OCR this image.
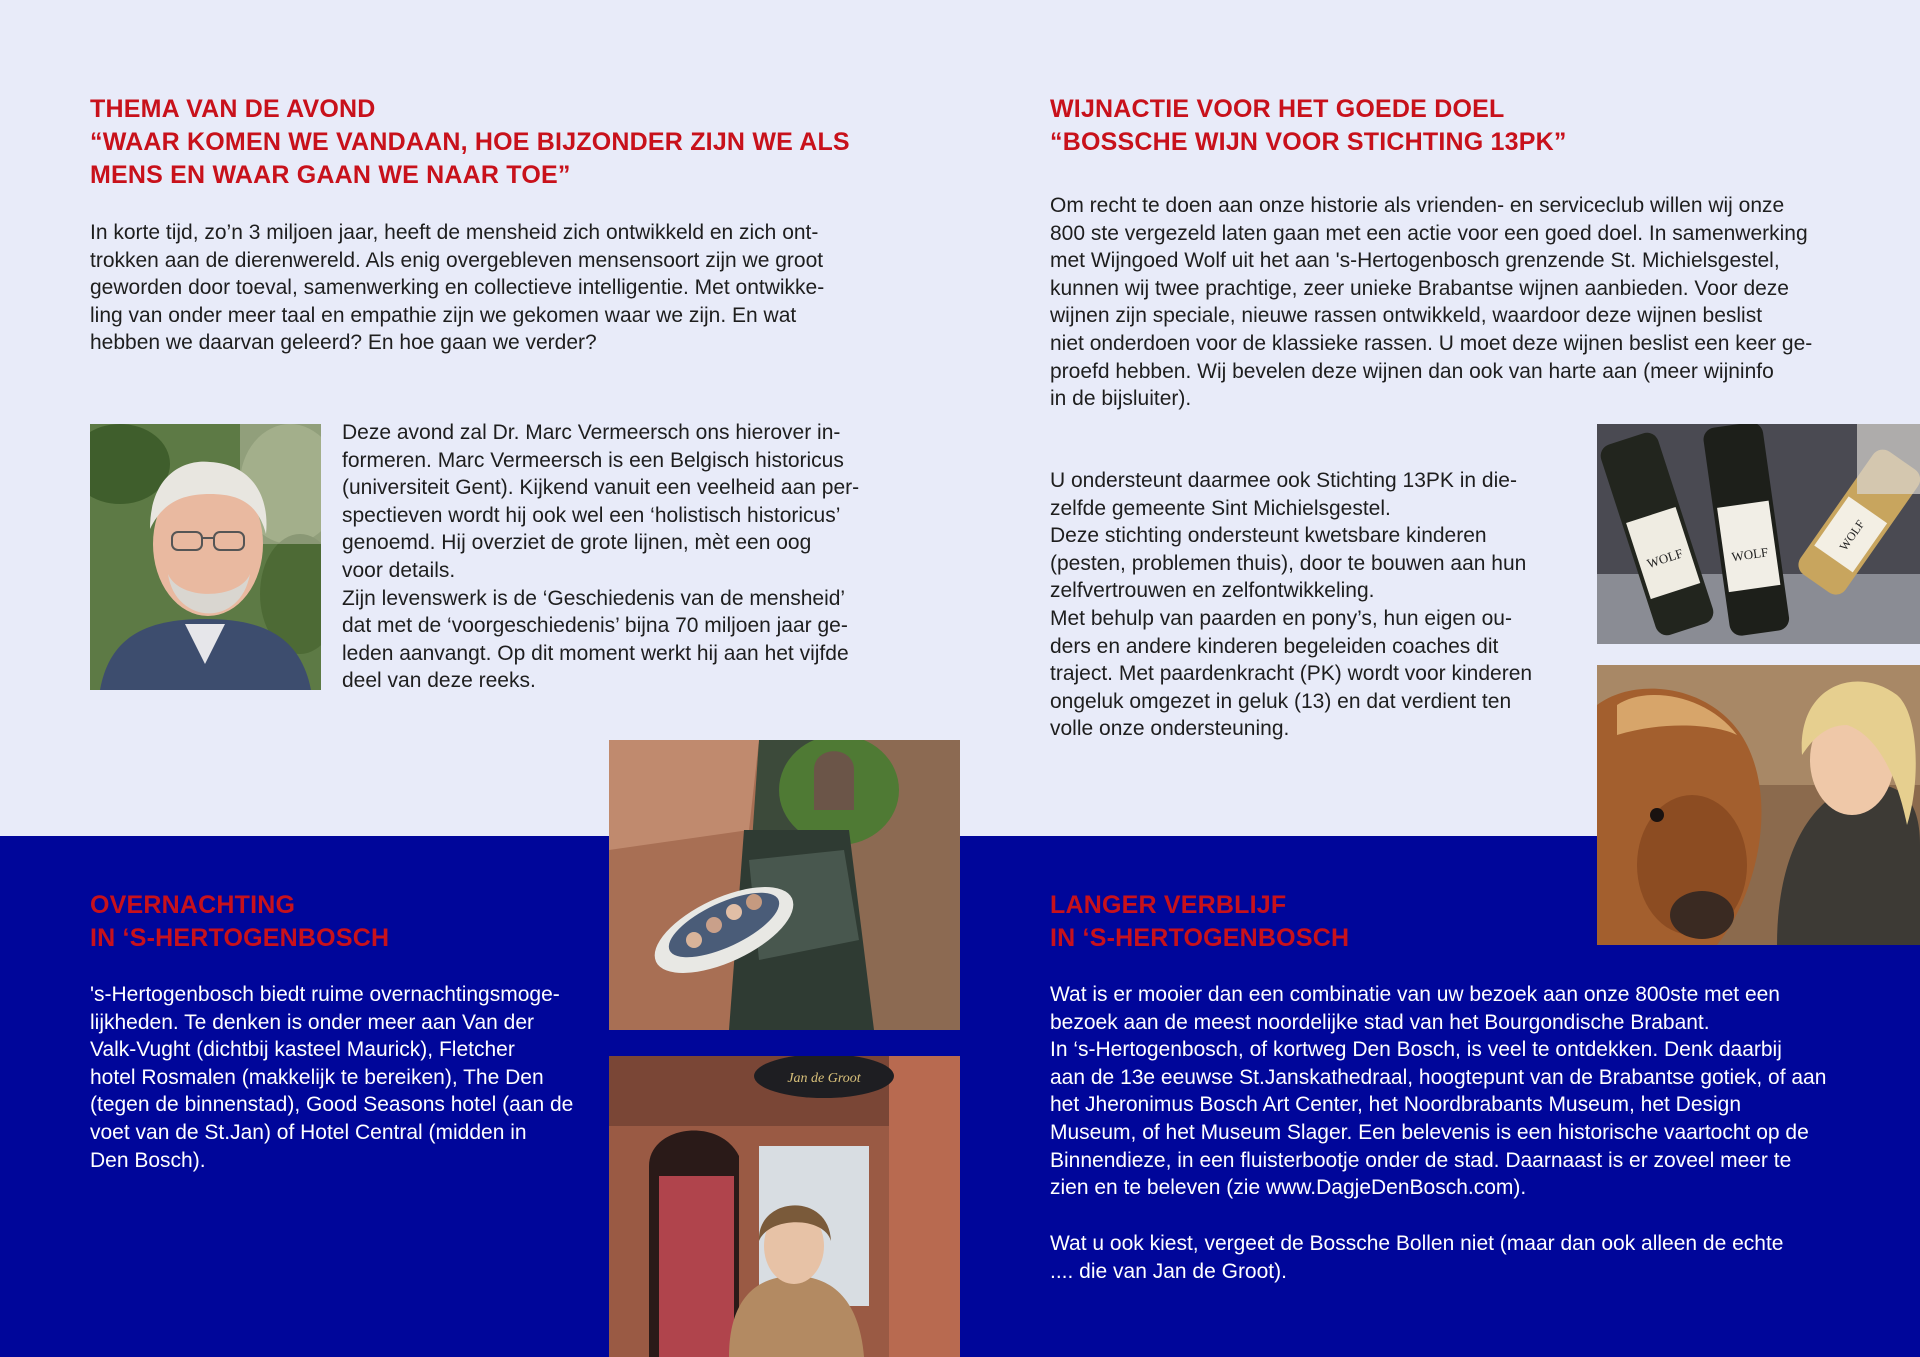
THEMA VAN DE AVOND
“WAAR KOMEN WE VANDAAN, HOE BIJZONDER ZIJN WE ALS
MENS EN WAAR GAAN WE NAAR TOE”

In korte tijd, zo’n 3 miljoen jaar, heeft de mensheid zich ontwikkeld en zich ont-

trokken aan de dierenwereld. Als enig overgebleven mensensoort zijn we groot

geworden door toeval, samenwerking en collectieve intelligentie. Met ontwikke-

ling van onder meer taal en empathie zijn we gekomen waar we zijn. En wat

hebben we daarvan geleerd? En hoe gaan we verder?

Deze avond zal Dr. Marc Vermeersch ons hierover in-

formeren. Marc Vermeersch is een Belgisch historicus

(universiteit Gent). Kijkend vanuit een veelheid aan per-

spectieven wordt hij ook wel een ‘holistisch historicus’

genoemd. Hij overziet de grote lijnen, mèt een oog

voor details.

Zijn levenswerk is de ‘Geschiedenis van de mensheid’

dat met de ‘voorgeschiedenis’ bijna 70 miljoen jaar ge-

leden aanvangt. Op dit moment werkt hij aan het vijfde

deel van deze reeks.

WIJNACTIE VOOR HET GOEDE DOEL
“BOSSCHE WIJN VOOR STICHTING 13PK”

Om recht te doen aan onze historie als vrienden- en serviceclub willen wij onze

800 ste vergezeld laten gaan met een actie voor een goed doel. In samenwerking

met Wijngoed Wolf uit het aan 's-Hertogenbosch grenzende St. Michielsgestel,

kunnen wij twee prachtige, zeer unieke Brabantse wijnen aanbieden. Voor deze

wijnen zijn speciale, nieuwe rassen ontwikkeld, waardoor deze wijnen beslist

niet onderdoen voor de klassieke rassen. U moet deze wijnen beslist een keer ge-

proefd hebben. Wij bevelen deze wijnen dan ook van harte aan (meer wijninfo

in de bijsluiter).

U ondersteunt daarmee ook Stichting 13PK in die-

zelfde gemeente Sint Michielsgestel.

Deze stichting ondersteunt kwetsbare kinderen

(pesten, problemen thuis), door te bouwen aan hun

zelfvertrouwen en zelfontwikkeling.

Met behulp van paarden en pony’s, hun eigen ou-

ders en andere kinderen begeleiden coaches dit

traject. Met paardenkracht (PK) wordt voor kinderen

ongeluk omgezet in geluk (13) en dat verdient ten

volle onze ondersteuning.

WOLF	WOLF
WOLF
Jan de Groot
OVERNACHTING
IN ‘S-HERTOGENBOSCH

's-Hertogenbosch biedt ruime overnachtingsmoge-

lijkheden. Te denken is onder meer aan Van der

Valk-Vught (dichtbij kasteel Maurick), Fletcher

hotel Rosmalen (makkelijk te bereiken), The Den

(tegen de binnenstad), Good Seasons hotel (aan de

voet van de St.Jan) of Hotel Central (midden in

Den Bosch).

LANGER VERBLIJF
IN ‘S-HERTOGENBOSCH

Wat is er mooier dan een combinatie van uw bezoek aan onze 800ste met een

bezoek aan de meest noordelijke stad van het Bourgondische Brabant.

In ‘s-Hertogenbosch, of kortweg Den Bosch, is veel te ontdekken. Denk daarbij

aan de 13e eeuwse St.Janskathedraal, hoogtepunt van de Brabantse gotiek, of aan

het Jheronimus Bosch Art Center, het Noordbrabants Museum, het Design

Museum, of het Museum Slager. Een belevenis is een historische vaartocht op de

Binnendieze, in een fluisterbootje onder de stad. Daarnaast is er zoveel meer te

zien en te beleven (zie www.DagjeDenBosch.com).

Wat u ook kiest, vergeet de Bossche Bollen niet (maar dan ook alleen de echte

.... die van Jan de Groot).
